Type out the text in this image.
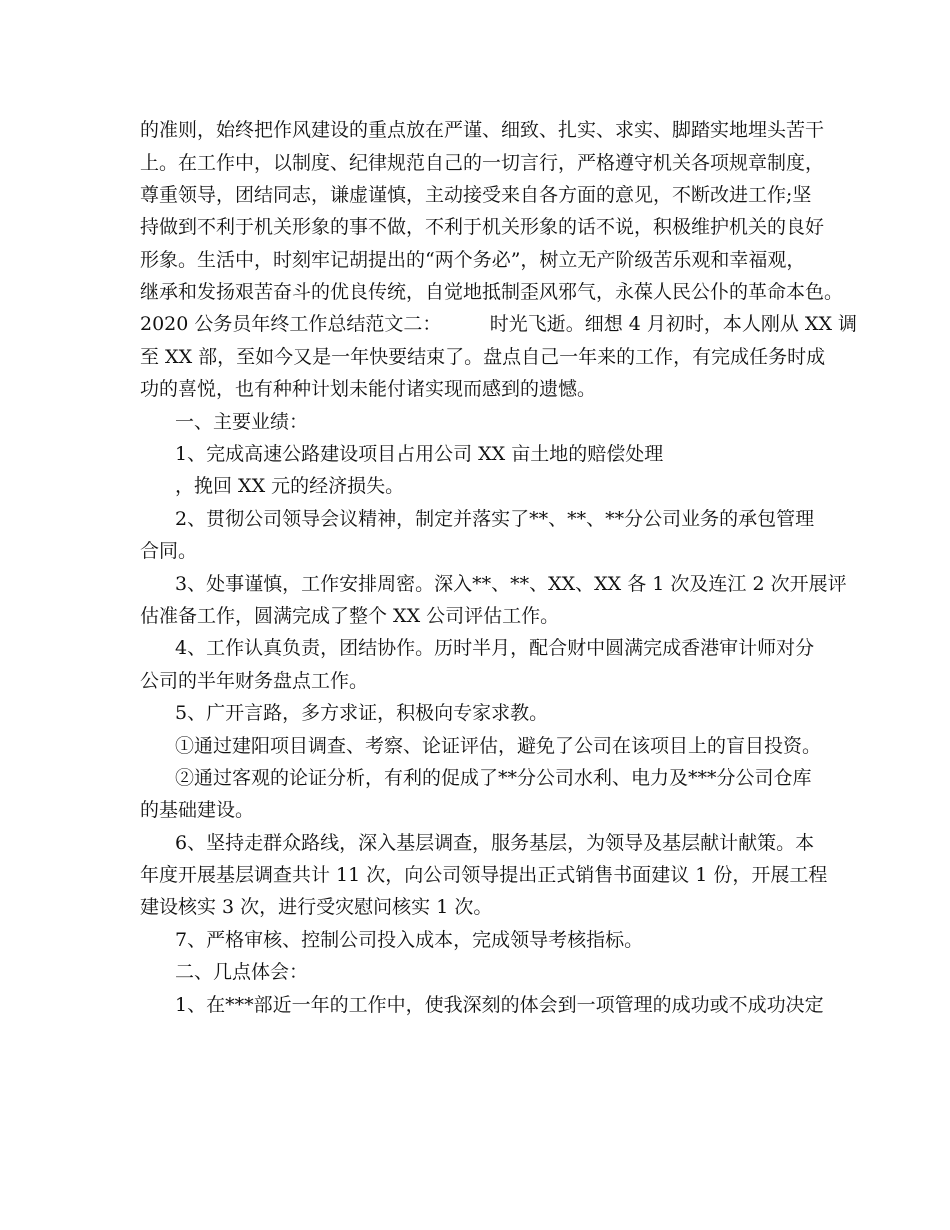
的准则，始终把作风建设的重点放在严谨、细致、扎实、求实、脚踏实地埋头苦干
上。在工作中，以制度、纪律规范自己的一切言行，严格遵守机关各项规章制度，
尊重领导，团结同志，谦虚谨慎，主动接受来自各方面的意见，不断改进工作;坚
持做到不利于机关形象的事不做，不利于机关形象的话不说，积极维护机关的良好
形象。生活中，时刻牢记胡提出的“两个务必”，树立无产阶级苦乐观和幸福观，
继承和发扬艰苦奋斗的优良传统，自觉地抵制歪风邪气，永葆人民公仆的革命本色。
2020 公务员年终工作总结范文二：        时光飞逝。细想 4 月初时，本人刚从 XX 调
至 XX 部，至如今又是一年快要结束了。盘点自己一年来的工作，有完成任务时成
功的喜悦，也有种种计划未能付诸实现而感到的遗憾。
一、主要业绩：
1、完成高速公路建设项目占用公司 XX 亩土地的赔偿处理
，挽回 XX 元的经济损失。
2、贯彻公司领导会议精神，制定并落实了**、**、**分公司业务的承包管理
合同。
3、处事谨慎，工作安排周密。深入**、**、XX、XX 各 1 次及连江 2 次开展评
估准备工作，圆满完成了整个 XX 公司评估工作。
4、工作认真负责，团结协作。历时半月，配合财中圆满完成香港审计师对分
公司的半年财务盘点工作。
5、广开言路，多方求证，积极向专家求教。
①通过建阳项目调查、考察、论证评估，避免了公司在该项目上的盲目投资。
②通过客观的论证分析，有利的促成了**分公司水利、电力及***分公司仓库
的基础建设。
6、坚持走群众路线，深入基层调查，服务基层，为领导及基层献计献策。本
年度开展基层调查共计 11 次，向公司领导提出正式销售书面建议 1 份，开展工程
建设核实 3 次，进行受灾慰问核实 1 次。
7、严格审核、控制公司投入成本，完成领导考核指标。
二、几点体会：
1、在***部近一年的工作中，使我深刻的体会到一项管理的成功或不成功决定
